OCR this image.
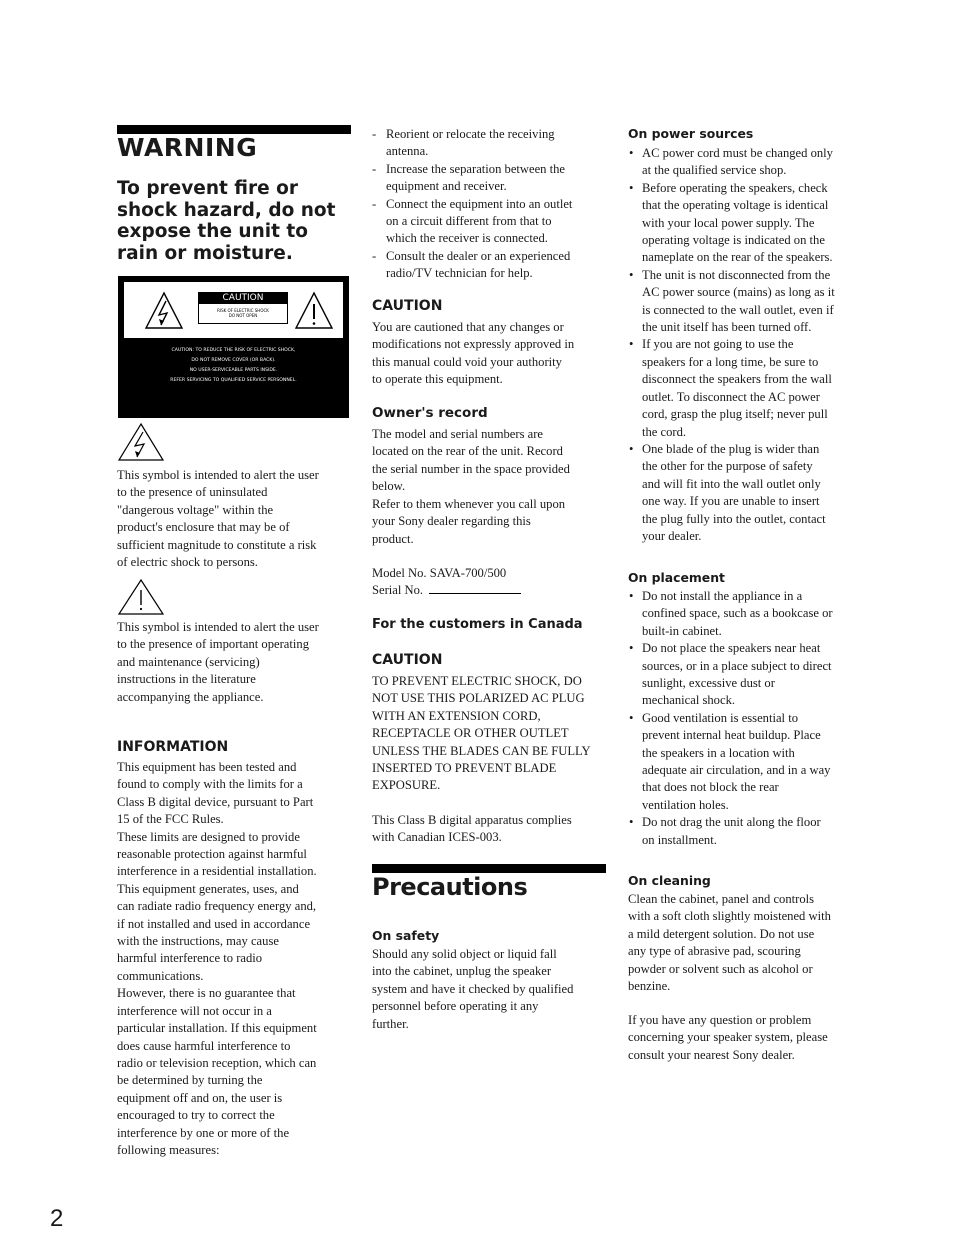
WARNING
To prevent fire or shock hazard, do not expose the unit to rain or moisture.
CAUTION
RISK OF ELECTRIC SHOCK
DO NOT OPEN
CAUTION: TO REDUCE THE RISK OF ELECTRIC SHOCK,
DO NOT REMOVE COVER (OR BACK).
NO USER-SERVICEABLE PARTS INSIDE.
REFER SERVICING TO QUALIFIED SERVICE PERSONNEL.

This symbol is intended to alert the user
to the presence of uninsulated
"dangerous voltage" within the
product's enclosure that may be of
sufficient magnitude to constitute a risk
of electric shock to persons.

This symbol is intended to alert the user
to the presence of important operating
and maintenance (servicing)
instructions in the literature
accompanying the appliance.

INFORMATION

This equipment has been tested and
found to comply with the limits for a
Class B digital device, pursuant to Part
15 of the FCC Rules.
These limits are designed to provide
reasonable protection against harmful
interference in a residential installation.
This equipment generates, uses, and
can radiate radio frequency energy and,
if not installed and used in accordance
with the instructions, may cause
harmful interference to radio
communications.
However, there is no guarantee that
interference will not occur in a
particular installation. If this equipment
does cause harmful interference to
radio or television reception, which can
be determined by turning the
equipment off and on, the user is
encouraged to try to correct the
interference by one or more of the
following measures:

- Reorient or relocate the receiving
antenna.
- Increase the separation between the
equipment and receiver.
- Connect the equipment into an outlet
on a circuit different from that to
which the receiver is connected.
- Consult the dealer or an experienced
radio/TV technician for help.
CAUTION

You are cautioned that any changes or
modifications not expressly approved in
this manual could void your authority
to operate this equipment.

Owner's record

The model and serial numbers are
located on the rear of the unit. Record
the serial number in the space provided
below.

Refer to them whenever you call upon
your Sony dealer regarding this
product.

Model No. SAVA-700/500

Serial No.
For the customers in Canada
CAUTION

TO PREVENT ELECTRIC SHOCK, DO
NOT USE THIS POLARIZED AC PLUG
WITH AN EXTENSION CORD,
RECEPTACLE OR OTHER OUTLET
UNLESS THE BLADES CAN BE FULLY
INSERTED TO PREVENT BLADE
EXPOSURE.

This Class B digital apparatus complies
with Canadian ICES-003.

Precautions
On safety

Should any solid object or liquid fall
into the cabinet, unplug the speaker
system and have it checked by qualified
personnel before operating it any
further.

On power sources
• AC power cord must be changed only
at the qualified service shop.
• Before operating the speakers, check
that the operating voltage is identical
with your local power supply. The
operating voltage is indicated on the
nameplate on the rear of the speakers.
• The unit is not disconnected from the
AC power source (mains) as long as it
is connected to the wall outlet, even if
the unit itself has been turned off.
• If you are not going to use the
speakers for a long time, be sure to
disconnect the speakers from the wall
outlet. To disconnect the AC power
cord, grasp the plug itself; never pull
the cord.
• One blade of the plug is wider than
the other for the purpose of safety
and will fit into the wall outlet only
one way. If you are unable to insert
the plug fully into the outlet, contact
your dealer.
On placement
• Do not install the appliance in a
confined space, such as a bookcase or
built-in cabinet.
• Do not place the speakers near heat
sources, or in a place subject to direct
sunlight, excessive dust or
mechanical shock.
• Good ventilation is essential to
prevent internal heat buildup. Place
the speakers in a location with
adequate air circulation, and in a way
that does not block the rear
ventilation holes.
• Do not drag the unit along the floor
on installment.
On cleaning

Clean the cabinet, panel and controls
with a soft cloth slightly moistened with
a mild detergent solution. Do not use
any type of abrasive pad, scouring
powder or solvent such as alcohol or
benzine.

If you have any question or problem
concerning your speaker system, please
consult your nearest Sony dealer.

2
